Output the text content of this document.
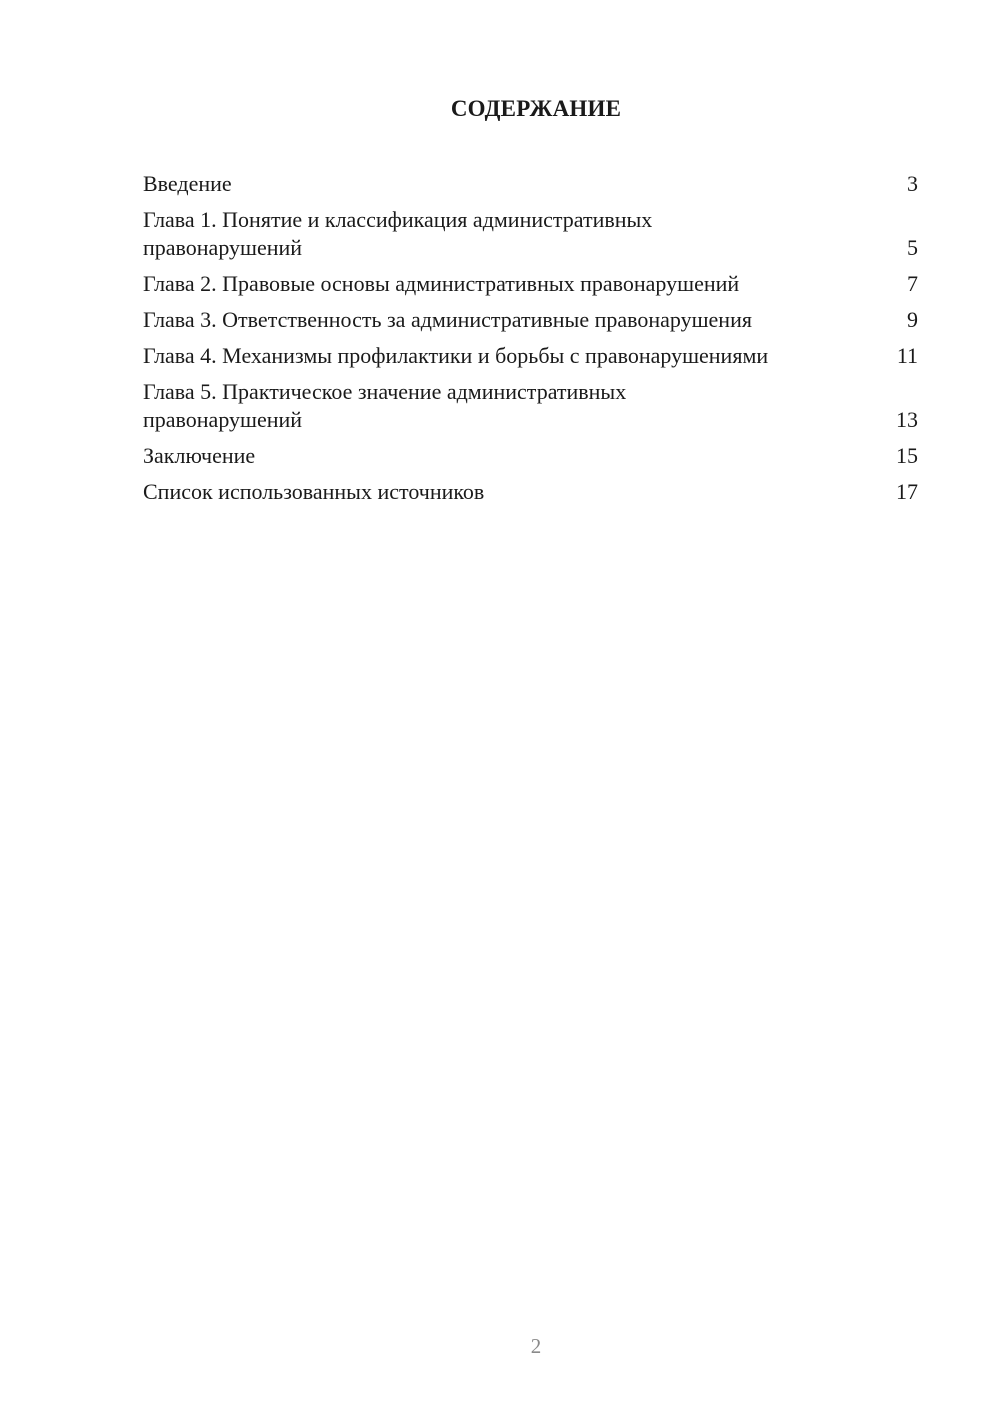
СОДЕРЖАНИЕ
Введение	3
Глава 1. Понятие и классификация административных правонарушений	5
Глава 2. Правовые основы административных правонарушений	7
Глава 3. Ответственность за административные правонарушения	9
Глава 4. Механизмы профилактики и борьбы с правонарушениями	11
Глава 5. Практическое значение административных правонарушений	13
Заключение	15
Список использованных источников	17
2
